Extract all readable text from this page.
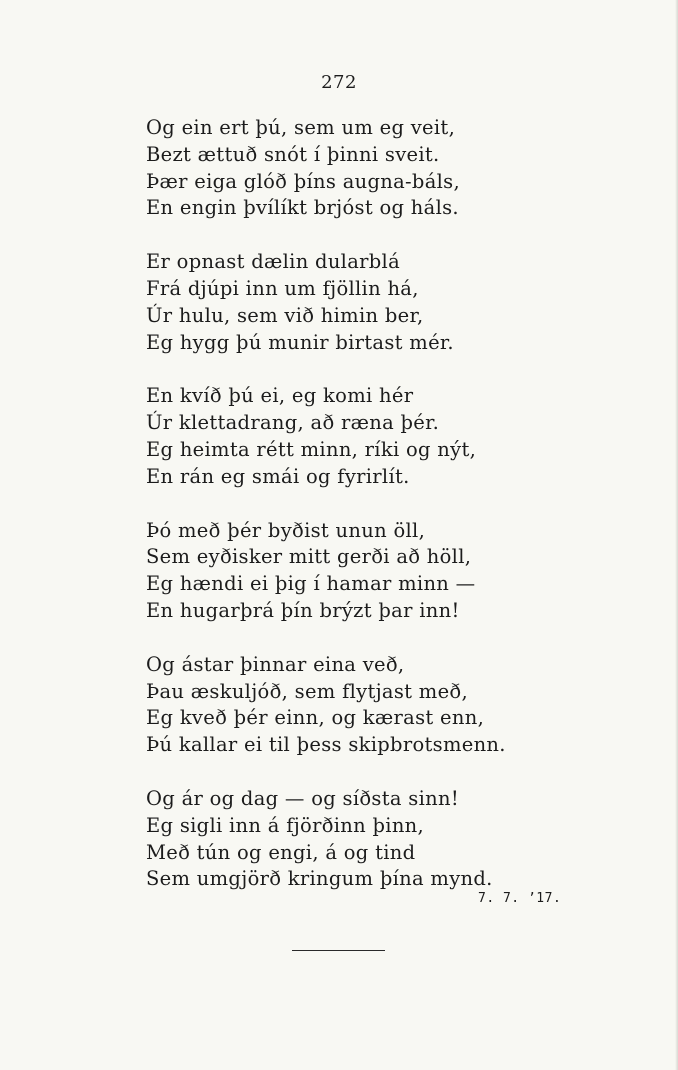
272
Og ein ert þú, sem um eg veit,
Bezt ættuð snót í þinni sveit.
Þær eiga glóð þíns augna-báls,
En engin þvílíkt brjóst og háls.
Er opnast dælin dularblá
Frá djúpi inn um fjöllin há,
Úr hulu, sem við himin ber,
Eg hygg þú munir birtast mér.
En kvíð þú ei, eg komi hér
Úr klettadrang, að ræna þér.
Eg heimta rétt minn, ríki og nýt,
En rán eg smái og fyrirlít.
Þó með þér byðist unun öll,
Sem eyðisker mitt gerði að höll,
Eg hændi ei þig í hamar minn —
En hugarþrá þín brýzt þar inn!
Og ástar þinnar eina veð,
Þau æskuljóð, sem flytjast með,
Eg kveð þér einn, og kærast enn,
Þú kallar ei til þess skipbrotsmenn.
Og ár og dag — og síðsta sinn!
Eg sigli inn á fjörðinn þinn,
Með tún og engi, á og tind
Sem umgjörð kringum þína mynd.
7. 7. ’17.
